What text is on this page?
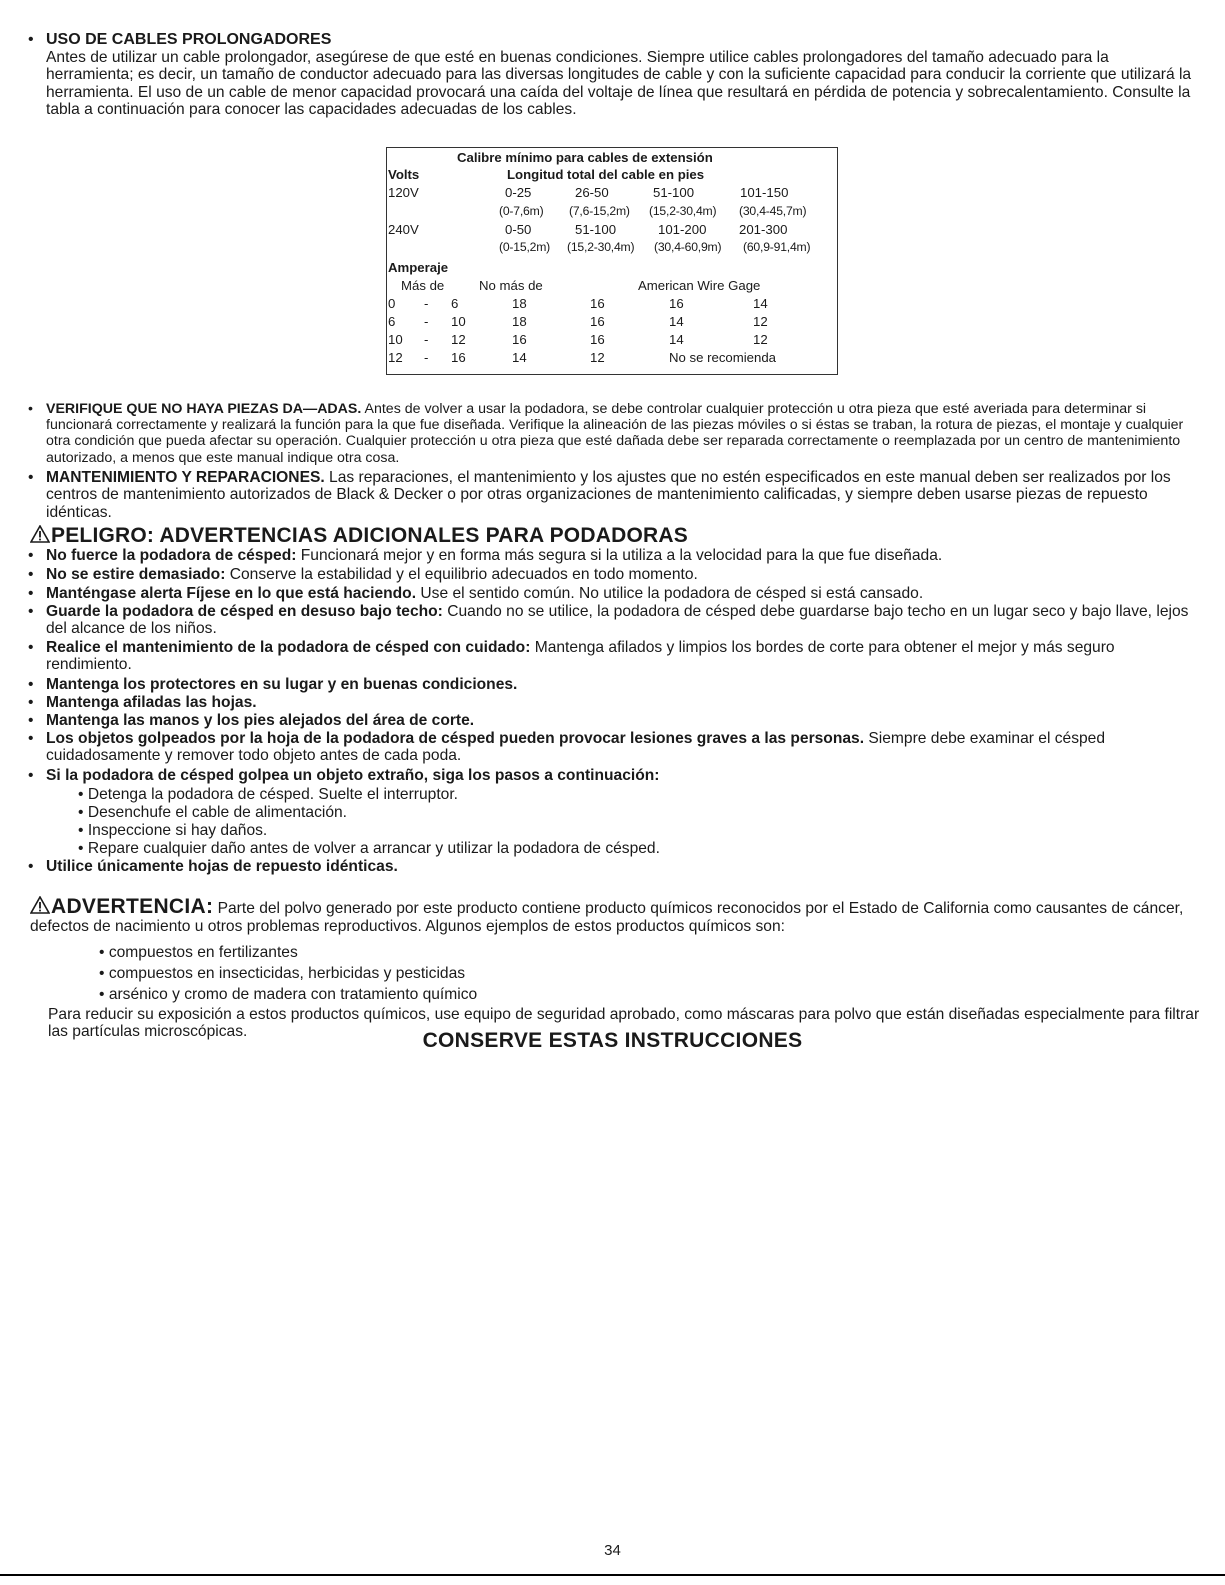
• USO DE CABLES PROLONGADORES
Antes de utilizar un cable prolongador, asegúrese de que esté en buenas condiciones. Siempre utilice cables prolongadores del tamaño adecuado para la herramienta; es decir, un tamaño de conductor adecuado para las diversas longitudes de cable y con la suficiente capacidad para conducir la corriente que utilizará la herramienta. El uso de un cable de menor capacidad provocará una caída del voltaje de línea que resultará en pérdida de potencia y sobrecalentamiento. Consulte la tabla a continuación para conocer las capacidades adecuadas de los cables.
Calibre mínimo para cables de extensión
Volts	Longitud total del cable en pies
120V	0-25	26-50	51-100	101-150
(0-7,6m) (7,6-15,2m) (15,2-30,4m) (30,4-45,7m)
240V	0-50	51-100	101-200 201-300
(0-15,2m) (15,2-30,4m) (30,4-60,9m) (60,9-91,4m)
Amperaje
Más de	No más de	American Wire Gage
0 - 6	18	16	16	14
6 - 10	18	16	14	12
10 - 12	16	16	14	12
12 - 16	14	12	No se recomienda
• VERIFIQUE QUE NO HAYA PIEZAS DA—ADAS. Antes de volver a usar la podadora, se debe controlar cualquier protección u otra pieza que esté averiada para determinar si funcionará correctamente y realizará la función para la que fue diseñada. Verifique la alineación de las piezas móviles o si éstas se traban, la rotura de piezas, el montaje y cualquier otra condición que pueda afectar su operación. Cualquier protección u otra pieza que esté dañada debe ser reparada correctamente o reemplazada por un centro de mantenimiento autorizado, a menos que este manual indique otra cosa.
• MANTENIMIENTO Y REPARACIONES. Las reparaciones, el mantenimiento y los ajustes que no estén especificados en este manual deben ser realizados por los centros de mantenimiento autorizados de Black & Decker o por otras organizaciones de mantenimiento calificadas, y siempre deben usarse piezas de repuesto idénticas.
PELIGRO: ADVERTENCIAS ADICIONALES PARA PODADORAS
• No fuerce la podadora de césped: Funcionará mejor y en forma más segura si la utiliza a la velocidad para la que fue diseñada.
• No se estire demasiado: Conserve la estabilidad y el equilibrio adecuados en todo momento.
• Manténgase alerta Fíjese en lo que está haciendo. Use el sentido común. No utilice la podadora de césped si está cansado.
• Guarde la podadora de césped en desuso bajo techo: Cuando no se utilice, la podadora de césped debe guardarse bajo techo en un lugar seco y bajo llave, lejos del alcance de los niños.
• Realice el mantenimiento de la podadora de césped con cuidado: Mantenga afilados y limpios los bordes de corte para obtener el mejor y más seguro rendimiento.
• Mantenga los protectores en su lugar y en buenas condiciones.
• Mantenga afiladas las hojas.
• Mantenga las manos y los pies alejados del área de corte.
• Los objetos golpeados por la hoja de la podadora de césped pueden provocar lesiones graves a las personas. Siempre debe examinar el césped cuidadosamente y remover todo objeto antes de cada poda.
• Si la podadora de césped golpea un objeto extraño, siga los pasos a continuación:
• Detenga la podadora de césped. Suelte el interruptor.
• Desenchufe el cable de alimentación.
• Inspeccione si hay daños.
• Repare cualquier daño antes de volver a arrancar y utilizar la podadora de césped.
• Utilice únicamente hojas de repuesto idénticas.
ADVERTENCIA: Parte del polvo generado por este producto contiene producto químicos reconocidos por el Estado de California como causantes de cáncer, defectos de nacimiento u otros problemas reproductivos. Algunos ejemplos de estos productos químicos son:
• compuestos en fertilizantes
• compuestos en insecticidas, herbicidas y pesticidas
• arsénico y cromo de madera con tratamiento químico
Para reducir su exposición a estos productos químicos, use equipo de seguridad aprobado, como máscaras para polvo que están diseñadas especialmente para filtrar las partículas microscópicas.	CONSERVE ESTAS INSTRUCCIONES
34
